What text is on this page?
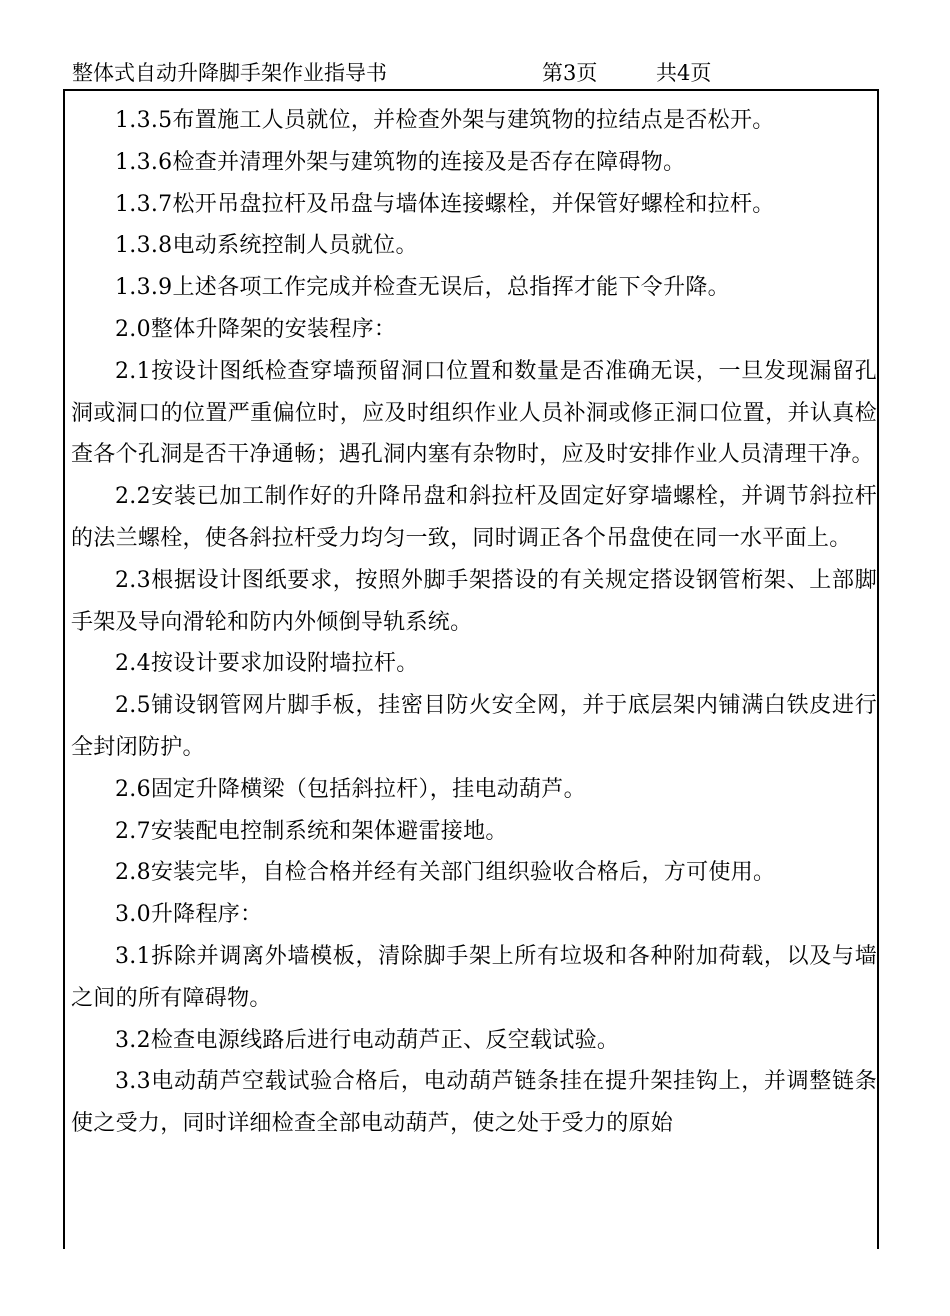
整体式自动升降脚手架作业指导书	第3页	共4页

1.3.5布置施工人员就位，并检查外架与建筑物的拉结点是否松开。

1.3.6检查并清理外架与建筑物的连接及是否存在障碍物。

1.3.7松开吊盘拉杆及吊盘与墙体连接螺栓，并保管好螺栓和拉杆。

1.3.8电动系统控制人员就位。

1.3.9上述各项工作完成并检查无误后，总指挥才能下令升降。

2.0整体升降架的安装程序：

2.1按设计图纸检查穿墙预留洞口位置和数量是否准确无误，一旦发现漏留孔洞或洞口的位置严重偏位时，应及时组织作业人员补洞或修正洞口位置，并认真检查各个孔洞是否干净通畅；遇孔洞内塞有杂物时，应及时安排作业人员清理干净。

2.2安装已加工制作好的升降吊盘和斜拉杆及固定好穿墙螺栓，并调节斜拉杆的法兰螺栓，使各斜拉杆受力均匀一致，同时调正各个吊盘使在同一水平面上。

2.3根据设计图纸要求，按照外脚手架搭设的有关规定搭设钢管桁架、上部脚手架及导向滑轮和防内外倾倒导轨系统。

2.4按设计要求加设附墙拉杆。

2.5铺设钢管网片脚手板，挂密目防火安全网，并于底层架内铺满白铁皮进行全封闭防护。

2.6固定升降横梁（包括斜拉杆），挂电动葫芦。

2.7安装配电控制系统和架体避雷接地。

2.8安装完毕，自检合格并经有关部门组织验收合格后，方可使用。

3.0升降程序：

3.1拆除并调离外墙模板，清除脚手架上所有垃圾和各种附加荷载，以及与墙之间的所有障碍物。

3.2检查电源线路后进行电动葫芦正、反空载试验。

3.3电动葫芦空载试验合格后，电动葫芦链条挂在提升架挂钩上，并调整链条使之受力，同时详细检查全部电动葫芦，使之处于受力的原始
